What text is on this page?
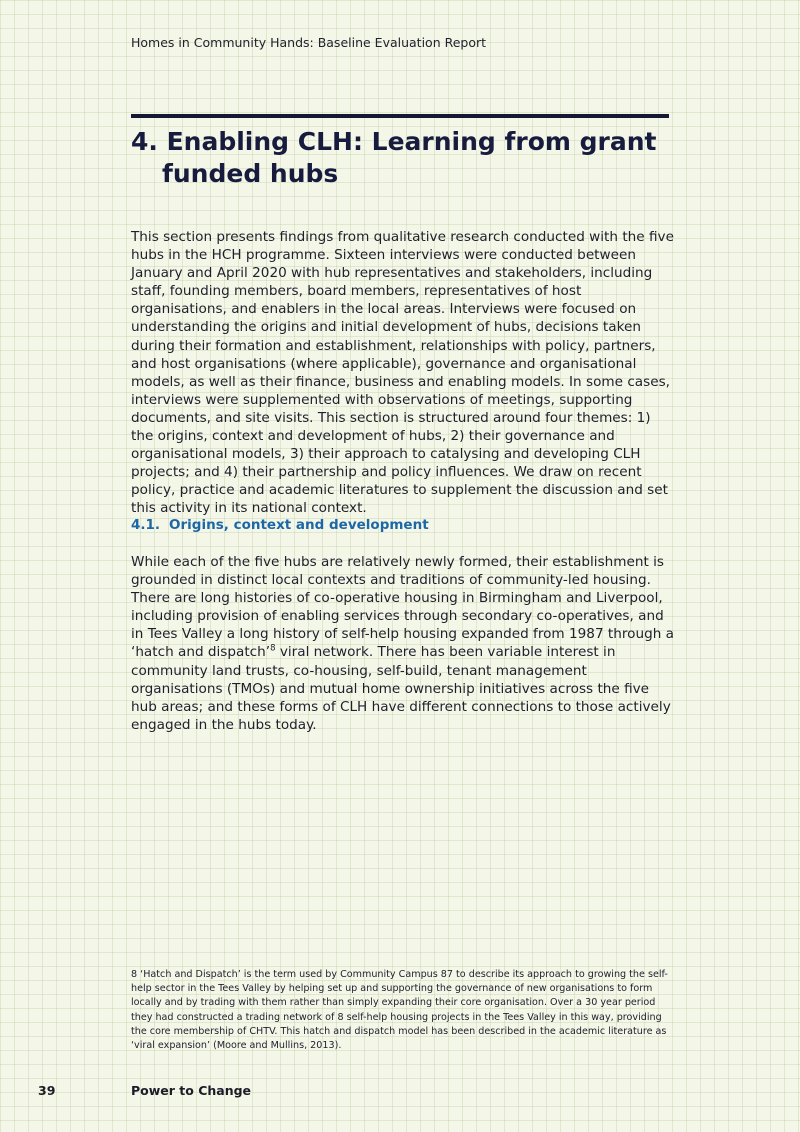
Homes in Community Hands: Baseline Evaluation Report
4. Enabling CLH: Learning from grant funded hubs

This section presents findings from qualitative research conducted with the five hubs in the HCH programme. Sixteen interviews were conducted between January and April 2020 with hub representatives and stakeholders, including staff, founding members, board members, representatives of host organisations, and enablers in the local areas. Interviews were focused on understanding the origins and initial development of hubs, decisions taken during their formation and establishment, relationships with policy, partners, and host organisations (where applicable), governance and organisational models, as well as their finance, business and enabling models. In some cases, interviews were supplemented with observations of meetings, supporting documents, and site visits. This section is structured around four themes: 1) the origins, context and development of hubs, 2) their governance and organisational models, 3) their approach to catalysing and developing CLH projects; and 4) their partnership and policy influences. We draw on recent policy, practice and academic literatures to supplement the discussion and set this activity in its national context.

4.1. Origins, context and development

While each of the five hubs are relatively newly formed, their establishment is grounded in distinct local contexts and traditions of community-led housing. There are long histories of co-operative housing in Birmingham and Liverpool, including provision of enabling services through secondary co-operatives, and in Tees Valley a long history of self-help housing expanded from 1987 through a ‘hatch and dispatch’$^8$ viral network. There has been variable interest in community land trusts, co-housing, self-build, tenant management organisations (TMOs) and mutual home ownership initiatives across the five hub areas; and these forms of CLH have different connections to those actively engaged in the hubs today.

8 ‘Hatch and Dispatch’ is the term used by Community Campus 87 to describe its approach to growing the self-help sector in the Tees Valley by helping set up and supporting the governance of new organisations to form locally and by trading with them rather than simply expanding their core organisation. Over a 30 year period they had constructed a trading network of 8 self-help housing projects in the Tees Valley in this way, providing the core membership of CHTV. This hatch and dispatch model has been described in the academic literature as ‘viral expansion’ (Moore and Mullins, 2013).

39	Power to Change
